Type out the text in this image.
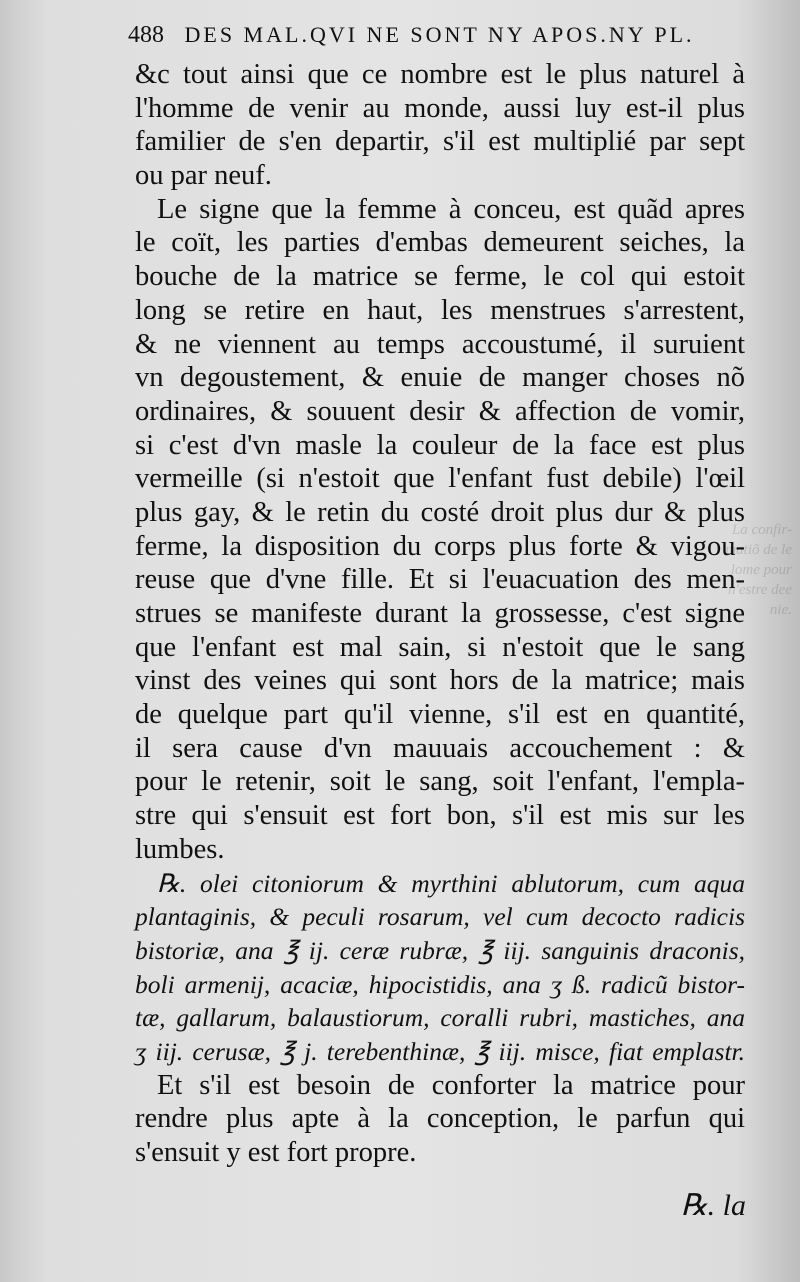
La confir-
matiõ de le
lome pour
n'estre dee
nie.
488 DES MAL.QVI NE SONT NY APOS.NY PL.
&c tout ainsi que ce nombre est le plus naturel à
l'homme de venir au monde, aussi luy est-il plus
familier de s'en departir, s'il est multiplié par sept
ou par neuf.
Le signe que la femme à conceu, est quãd apres
le coït, les parties d'embas demeurent seiches, la
bouche de la matrice se ferme, le col qui estoit
long se retire en haut, les menstrues s'arrestent,
& ne viennent au temps accoustumé, il suruient
vn degoustement, & enuie de manger choses nõ
ordinaires, & souuent desir & affection de vomir,
si c'est d'vn masle la couleur de la face est plus
vermeille (si n'estoit que l'enfant fust debile) l'œil
plus gay, & le retin du costé droit plus dur & plus
ferme, la disposition du corps plus forte & vigou-
reuse que d'vne fille. Et si l'euacuation des men-
strues se manifeste durant la grossesse, c'est signe
que l'enfant est mal sain, si n'estoit que le sang
vinst des veines qui sont hors de la matrice; mais
de quelque part qu'il vienne, s'il est en quantité,
il sera cause d'vn mauuais accouchement : &
pour le retenir, soit le sang, soit l'enfant, l'empla-
stre qui s'ensuit est fort bon, s'il est mis sur les
lumbes.
℞. olei citoniorum & myrthini ablutorum, cum aqua
plantaginis, & peculi rosarum, vel cum decocto radicis
bistoriæ, ana ℥ ij. ceræ rubræ, ℥ iij. sanguinis draconis,
boli armenij, acaciæ, hipocistidis, ana ʒ ß. radicũ bistor-
tæ, gallarum, balaustiorum, coralli rubri, mastiches, ana
ʒ iij. cerusæ, ℥ j. terebenthinæ, ℥ iij. misce, fiat emplastr.
Et s'il est besoin de conforter la matrice pour
rendre plus apte à la conception, le parfun qui
s'ensuit y est fort propre.
℞. la
